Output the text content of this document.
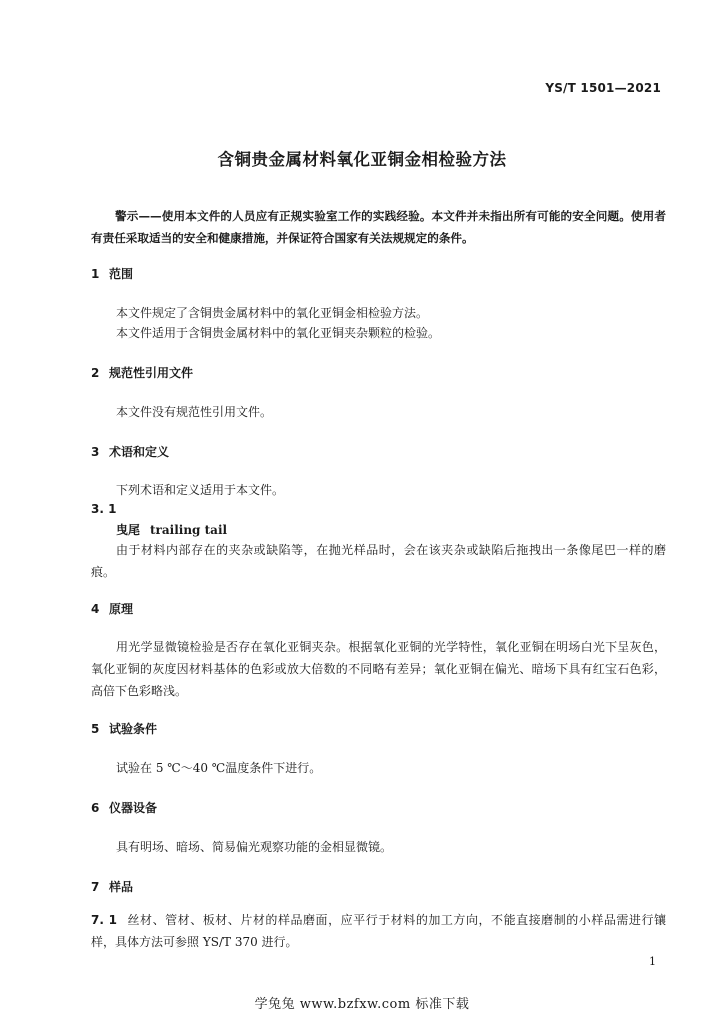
YS/T 1501—2021
含铜贵金属材料氧化亚铜金相检验方法
警示——使用本文件的人员应有正规实验室工作的实践经验。本文件并未指出所有可能的安全问题。使用者有责任采取适当的安全和健康措施，并保证符合国家有关法规规定的条件。
1 范围
本文件规定了含铜贵金属材料中的氧化亚铜金相检验方法。
本文件适用于含铜贵金属材料中的氧化亚铜夹杂颗粒的检验。
2 规范性引用文件
本文件没有规范性引用文件。
3 术语和定义
下列术语和定义适用于本文件。
3. 1
曳尾 trailing tail
由于材料内部存在的夹杂或缺陷等，在抛光样品时，会在该夹杂或缺陷后拖拽出一条像尾巴一样的磨痕。
4 原理
用光学显微镜检验是否存在氧化亚铜夹杂。根据氧化亚铜的光学特性，氧化亚铜在明场白光下呈灰色，氧化亚铜的灰度因材料基体的色彩或放大倍数的不同略有差异；氧化亚铜在偏光、暗场下具有红宝石色彩，高倍下色彩略浅。
5 试验条件
试验在 5 ℃～40 ℃温度条件下进行。
6 仪器设备
具有明场、暗场、简易偏光观察功能的金相显微镜。
7 样品
7. 1 丝材、管材、板材、片材的样品磨面，应平行于材料的加工方向，不能直接磨制的小样品需进行镶样，具体方法可参照 YS/T 370 进行。
1
学兔兔 www.bzfxw.com 标准下载
